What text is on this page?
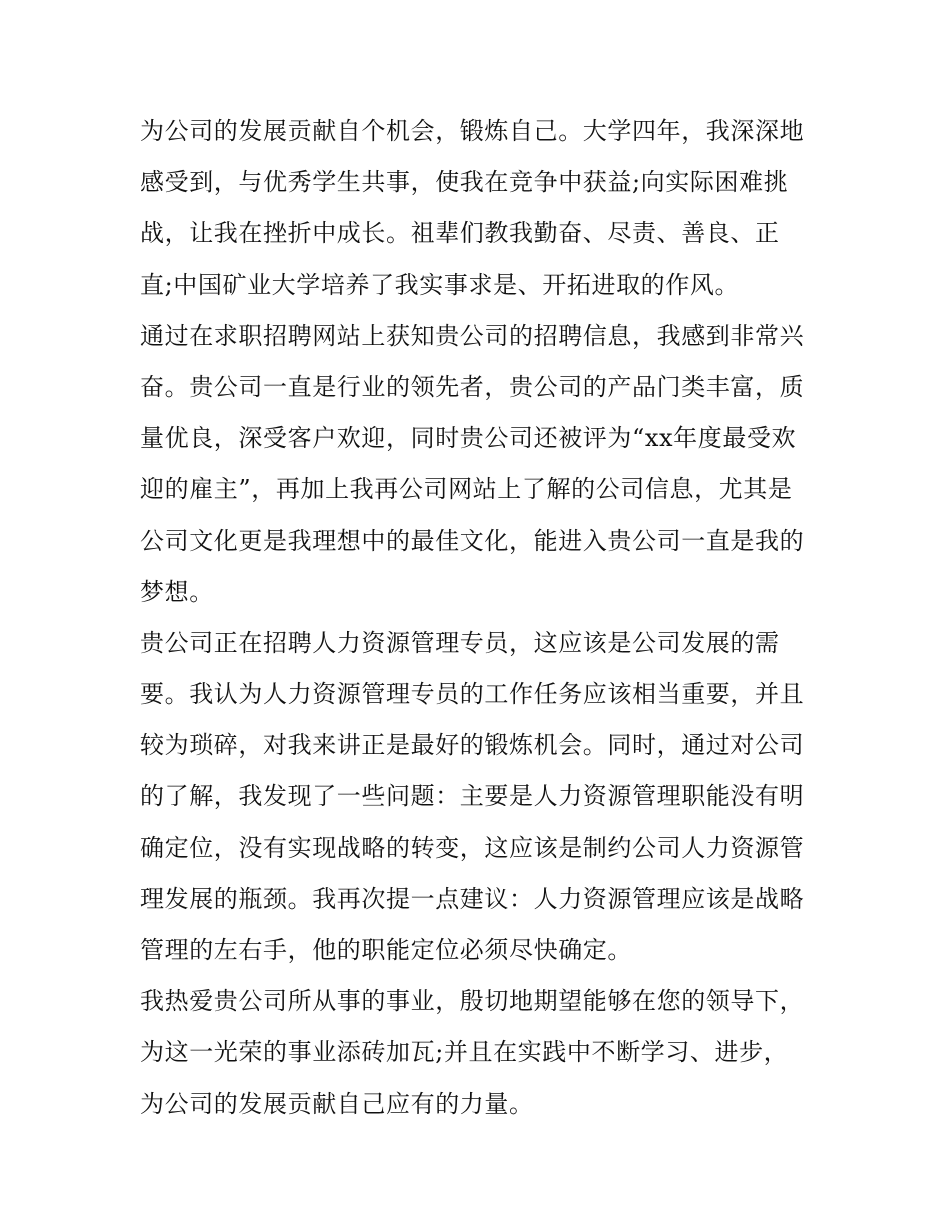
为公司的发展贡献自个机会，锻炼自己。大学四年，我深深地
感受到，与优秀学生共事，使我在竞争中获益;向实际困难挑
战，让我在挫折中成长。祖辈们教我勤奋、尽责、善良、正
直;中国矿业大学培养了我实事求是、开拓进取的作风。
通过在求职招聘网站上获知贵公司的招聘信息，我感到非常兴
奋。贵公司一直是行业的领先者，贵公司的产品门类丰富，质
量优良，深受客户欢迎，同时贵公司还被评为“xx年度最受欢
迎的雇主”，再加上我再公司网站上了解的公司信息，尤其是
公司文化更是我理想中的最佳文化，能进入贵公司一直是我的
梦想。
贵公司正在招聘人力资源管理专员，这应该是公司发展的需
要。我认为人力资源管理专员的工作任务应该相当重要，并且
较为琐碎，对我来讲正是最好的锻炼机会。同时，通过对公司
的了解，我发现了一些问题：主要是人力资源管理职能没有明
确定位，没有实现战略的转变，这应该是制约公司人力资源管
理发展的瓶颈。我再次提一点建议：人力资源管理应该是战略
管理的左右手，他的职能定位必须尽快确定。
我热爱贵公司所从事的事业，殷切地期望能够在您的领导下，
为这一光荣的事业添砖加瓦;并且在实践中不断学习、进步，
为公司的发展贡献自己应有的力量。
